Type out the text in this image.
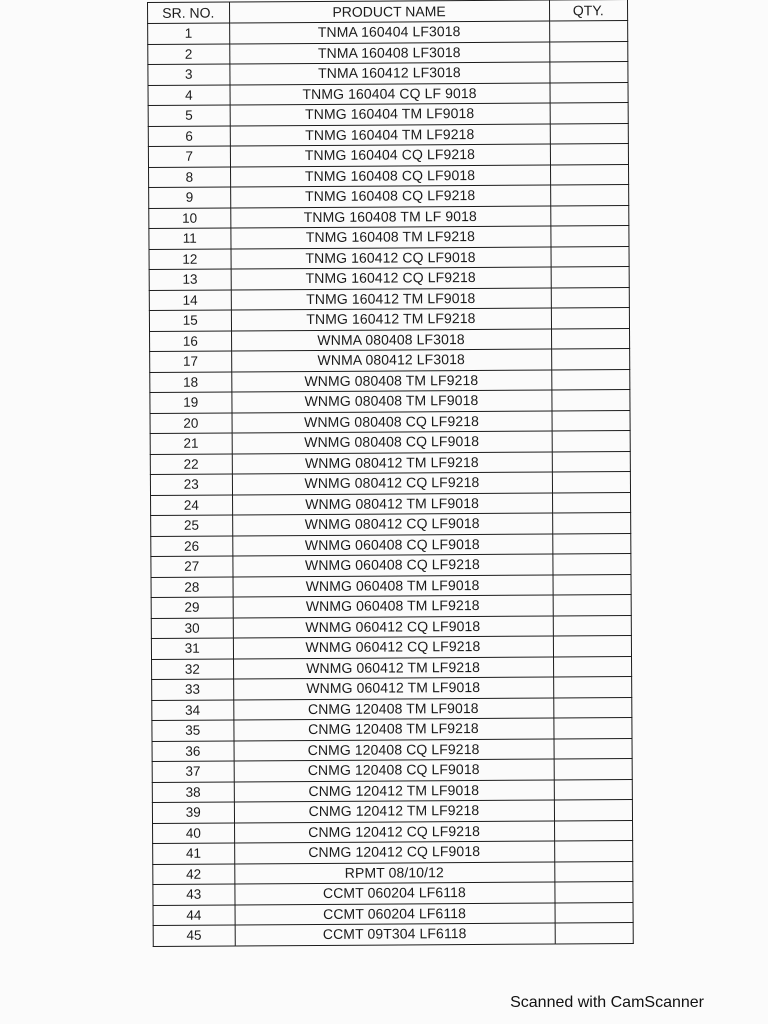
SR. NO.	PRODUCT NAME	QTY.
1	TNMA 160404 LF3018	
2	TNMA 160408 LF3018	
3	TNMA 160412 LF3018	
4	TNMG 160404 CQ LF 9018	
5	TNMG 160404 TM LF9018	
6	TNMG 160404 TM LF9218	
7	TNMG 160404 CQ LF9218	
8	TNMG 160408 CQ LF9018	
9	TNMG 160408 CQ LF9218	
10	TNMG 160408 TM LF 9018	
11	TNMG 160408 TM LF9218	
12	TNMG 160412 CQ LF9018	
13	TNMG 160412 CQ LF9218	
14	TNMG 160412 TM LF9018	
15	TNMG 160412 TM LF9218	
16	WNMA 080408 LF3018	
17	WNMA 080412 LF3018	
18	WNMG 080408 TM LF9218	
19	WNMG 080408 TM LF9018	
20	WNMG 080408 CQ LF9218	
21	WNMG 080408 CQ LF9018	
22	WNMG 080412 TM LF9218	
23	WNMG 080412 CQ LF9218	
24	WNMG 080412 TM LF9018	
25	WNMG 080412 CQ LF9018	
26	WNMG 060408 CQ LF9018	
27	WNMG 060408 CQ LF9218	
28	WNMG 060408 TM LF9018	
29	WNMG 060408 TM LF9218	
30	WNMG 060412 CQ LF9018	
31	WNMG 060412 CQ LF9218	
32	WNMG 060412 TM LF9218	
33	WNMG 060412 TM LF9018	
34	CNMG 120408 TM LF9018	
35	CNMG 120408 TM LF9218	
36	CNMG 120408 CQ LF9218	
37	CNMG 120408 CQ LF9018	
38	CNMG 120412 TM LF9018	
39	CNMG 120412 TM LF9218	
40	CNMG 120412 CQ LF9218	
41	CNMG 120412 CQ LF9018	
42	RPMT 08/10/12	
43	CCMT 060204 LF6118	
44	CCMT 060204 LF6118	
45	CCMT 09T304 LF6118	
Scanned with CamScanner
